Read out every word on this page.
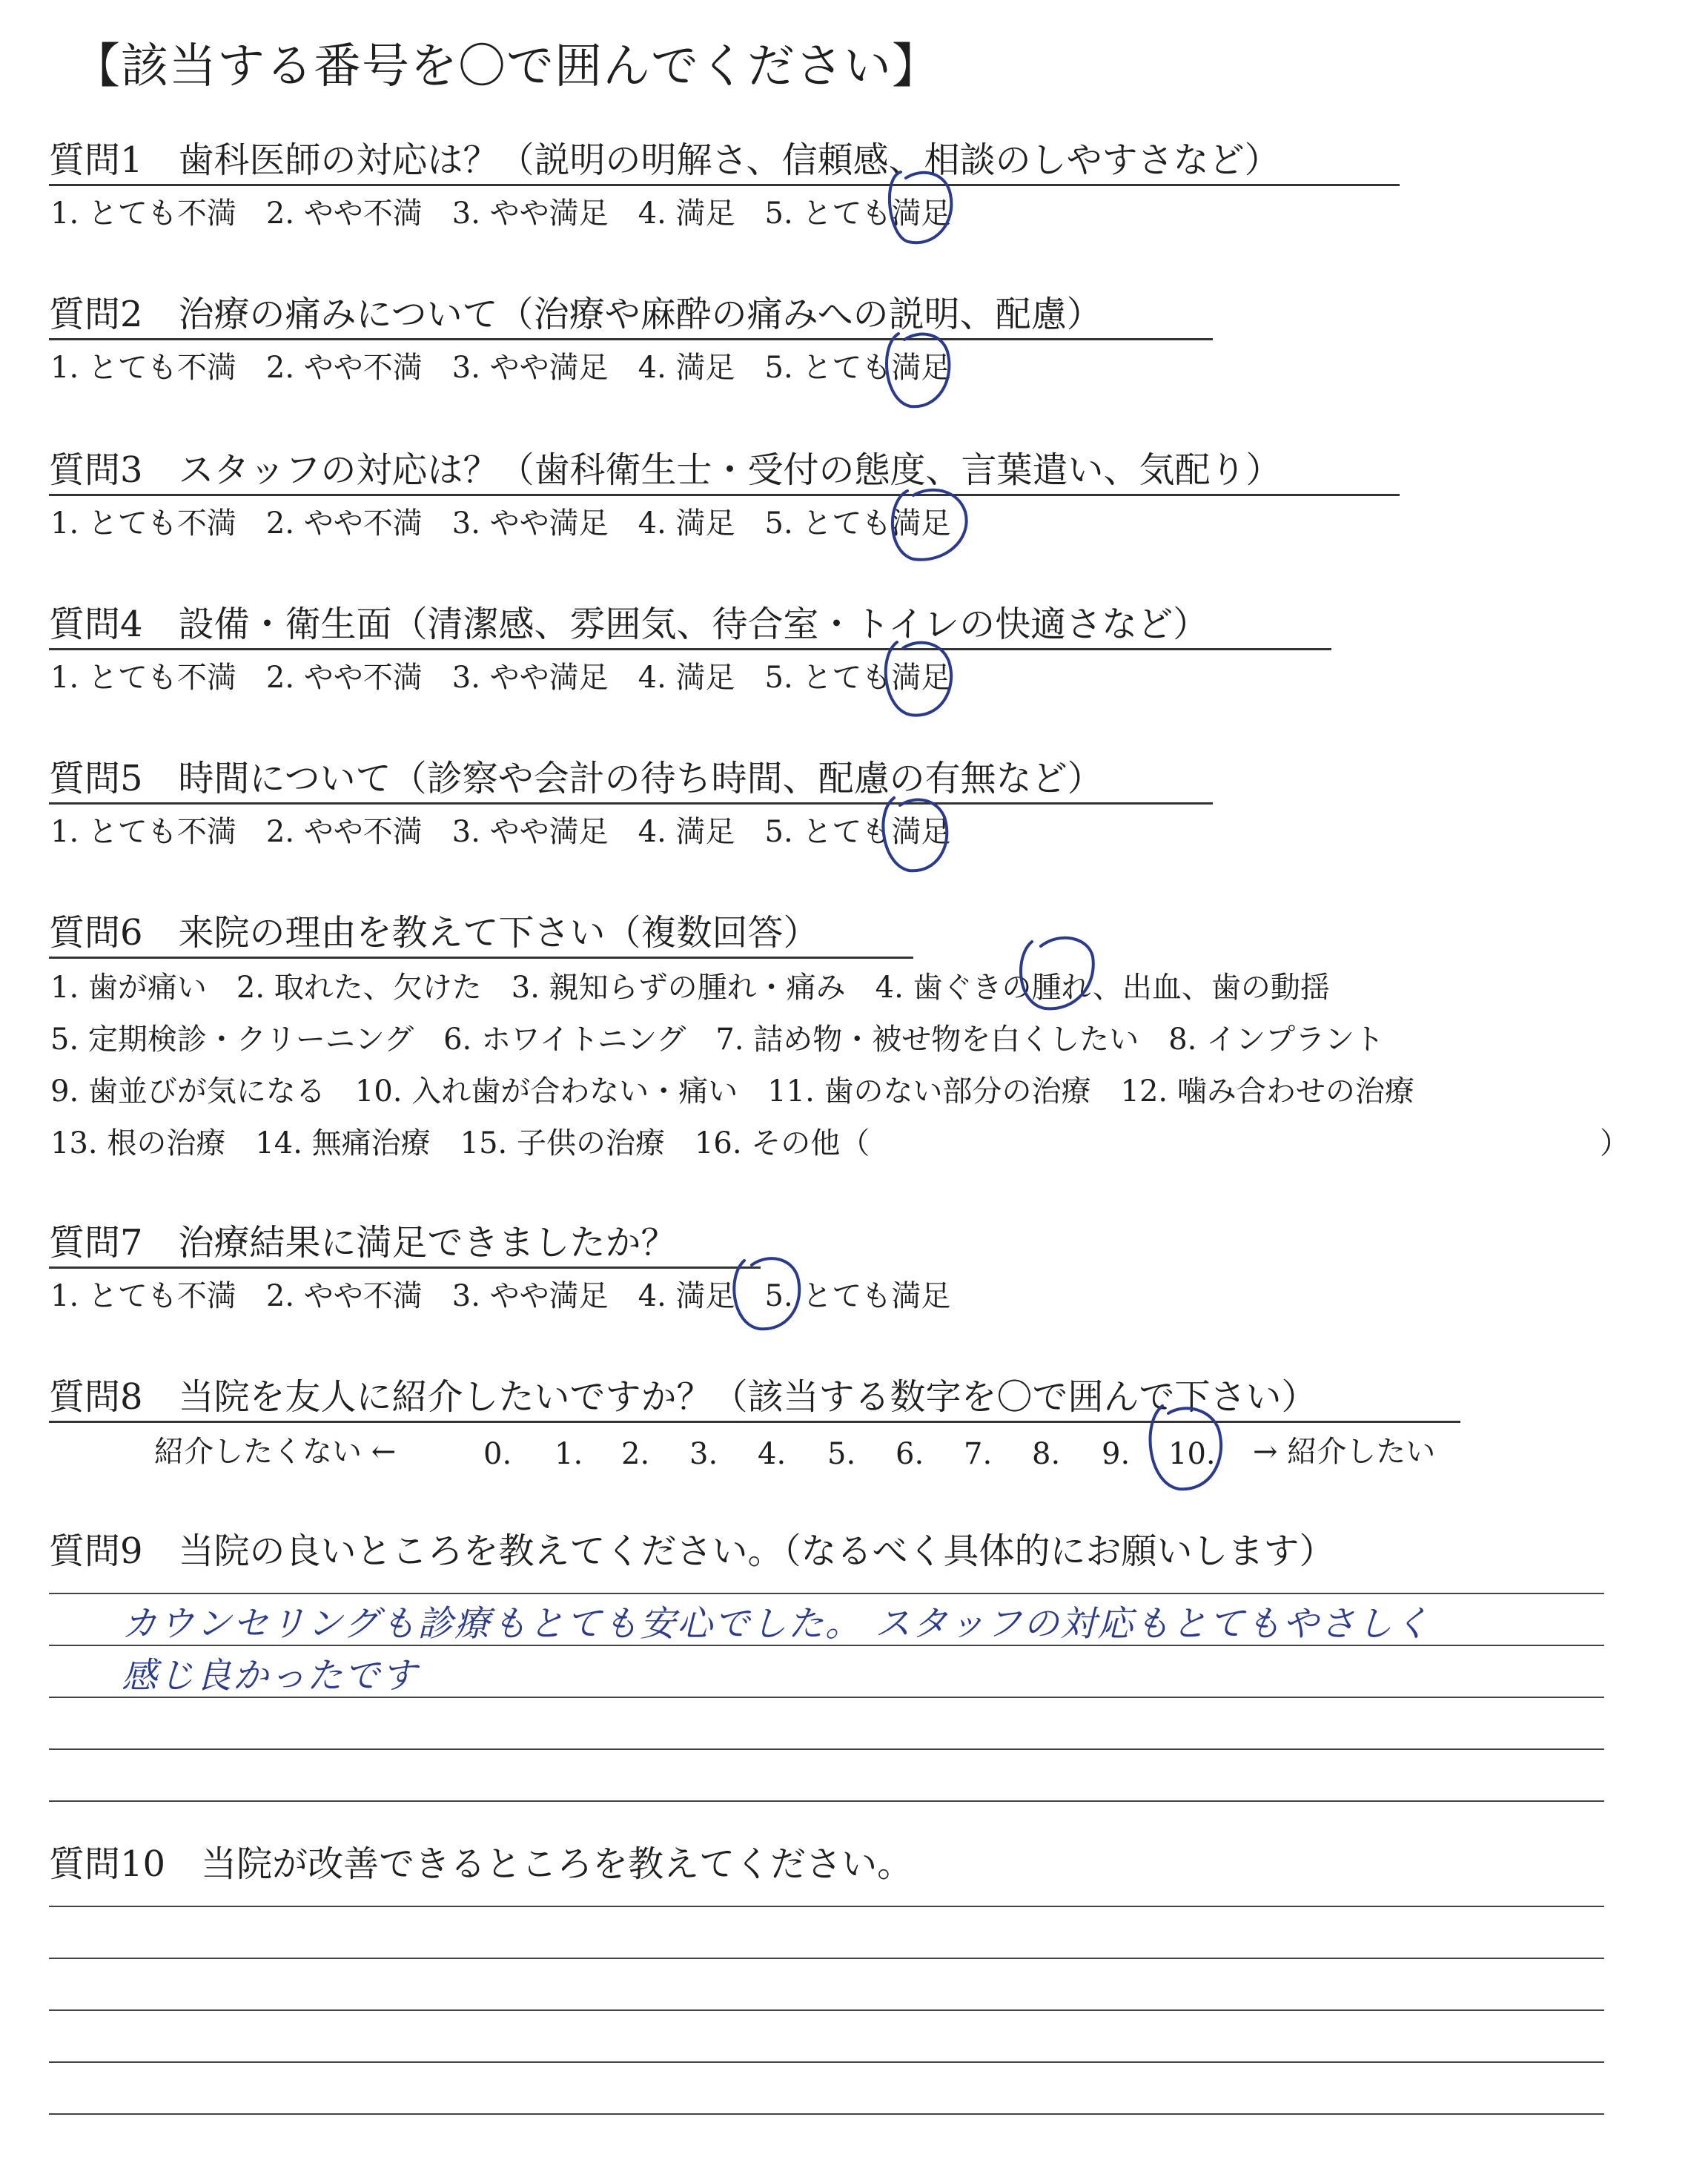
【該当する番号を〇で囲んでください】
質問1　歯科医師の対応は？（説明の明解さ、信頼感、相談のしやすさなど）
1. とても不満　2. やや不満　3. やや満足　4. 満足　5. とても満足
質問2　治療の痛みについて（治療や麻酔の痛みへの説明、配慮）
1. とても不満　2. やや不満　3. やや満足　4. 満足　5. とても満足
質問3　スタッフの対応は？（歯科衛生士・受付の態度、言葉遣い、気配り）
1. とても不満　2. やや不満　3. やや満足　4. 満足　5. とても満足
質問4　設備・衛生面（清潔感、雰囲気、待合室・トイレの快適さなど）
1. とても不満　2. やや不満　3. やや満足　4. 満足　5. とても満足
質問5　時間について（診察や会計の待ち時間、配慮の有無など）
1. とても不満　2. やや不満　3. やや満足　4. 満足　5. とても満足
質問6　来院の理由を教えて下さい（複数回答）
1. 歯が痛い　2. 取れた、欠けた　3. 親知らずの腫れ・痛み　4. 歯ぐきの腫れ、出血、歯の動揺
5. 定期検診・クリーニング　6. ホワイトニング　7. 詰め物・被せ物を白くしたい　8. インプラント
9. 歯並びが気になる　10. 入れ歯が合わない・痛い　11. 歯のない部分の治療　12. 噛み合わせの治療
13. 根の治療　14. 無痛治療　15. 子供の治療　16. その他（	）
質問7　治療結果に満足できましたか？
1. とても不満　2. やや不満　3. やや満足　4. 満足　5. とても満足
質問8　当院を友人に紹介したいですか？（該当する数字を〇で囲んで下さい）
紹介したくない ←	0. 1. 2. 3. 4. 5. 6. 7. 8. 9. 10. → 紹介したい
質問9　当院の良いところを教えてください。（なるべく具体的にお願いします）
カウンセリングも診療もとても安心でした。 スタッフの対応もとてもやさしく
感じ良かったです
質問10　当院が改善できるところを教えてください。
